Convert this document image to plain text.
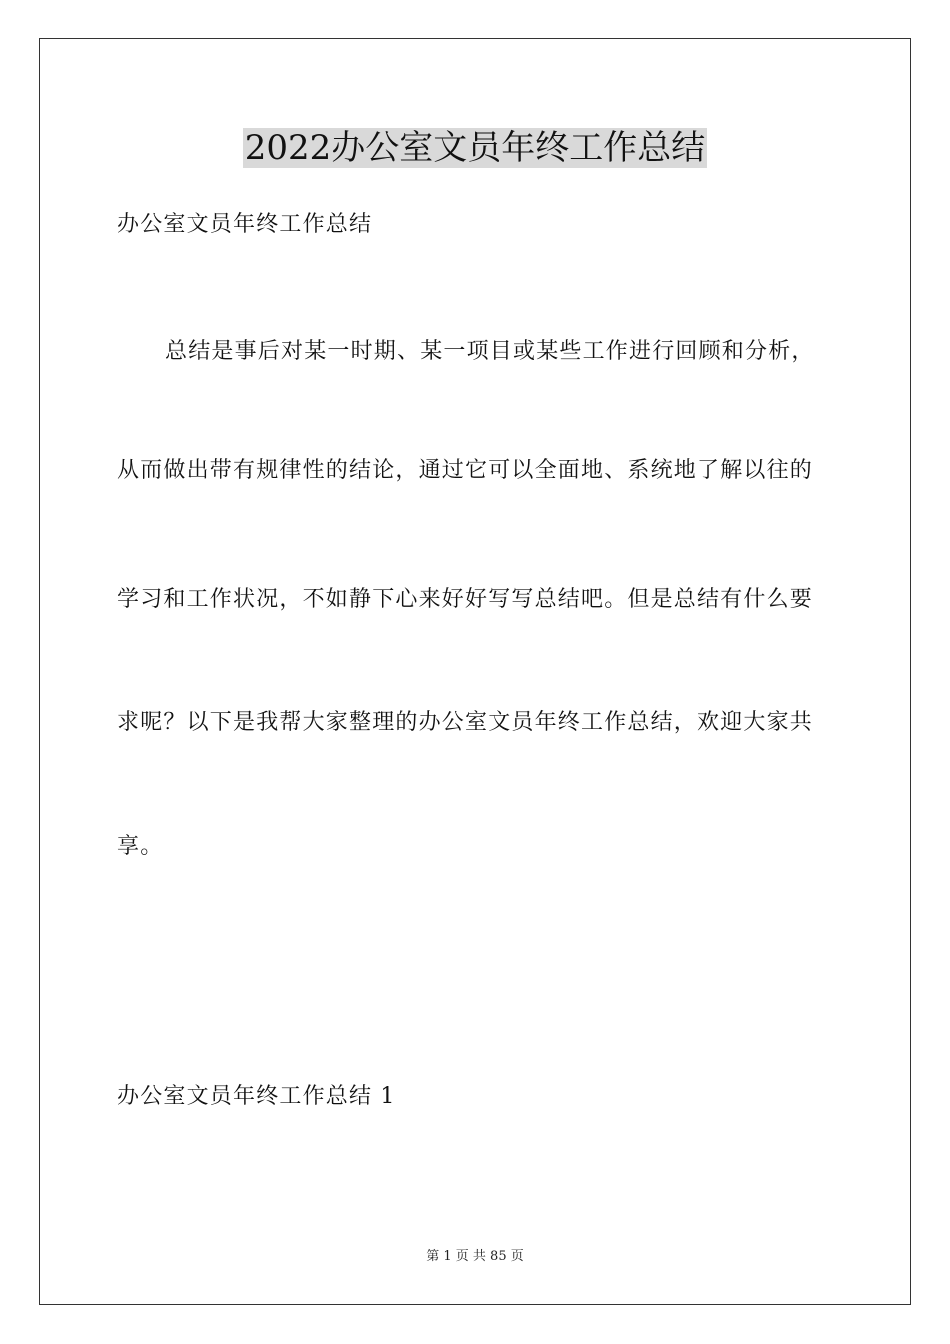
2022办公室文员年终工作总结
办公室文员年终工作总结
总结是事后对某一时期、某一项目或某些工作进行回顾和分析，
从而做出带有规律性的结论，通过它可以全面地、系统地了解以往的
学习和工作状况，不如静下心来好好写写总结吧。但是总结有什么要
求呢？以下是我帮大家整理的办公室文员年终工作总结，欢迎大家共
享。
办公室文员年终工作总结 1
第 1 页 共 85 页
